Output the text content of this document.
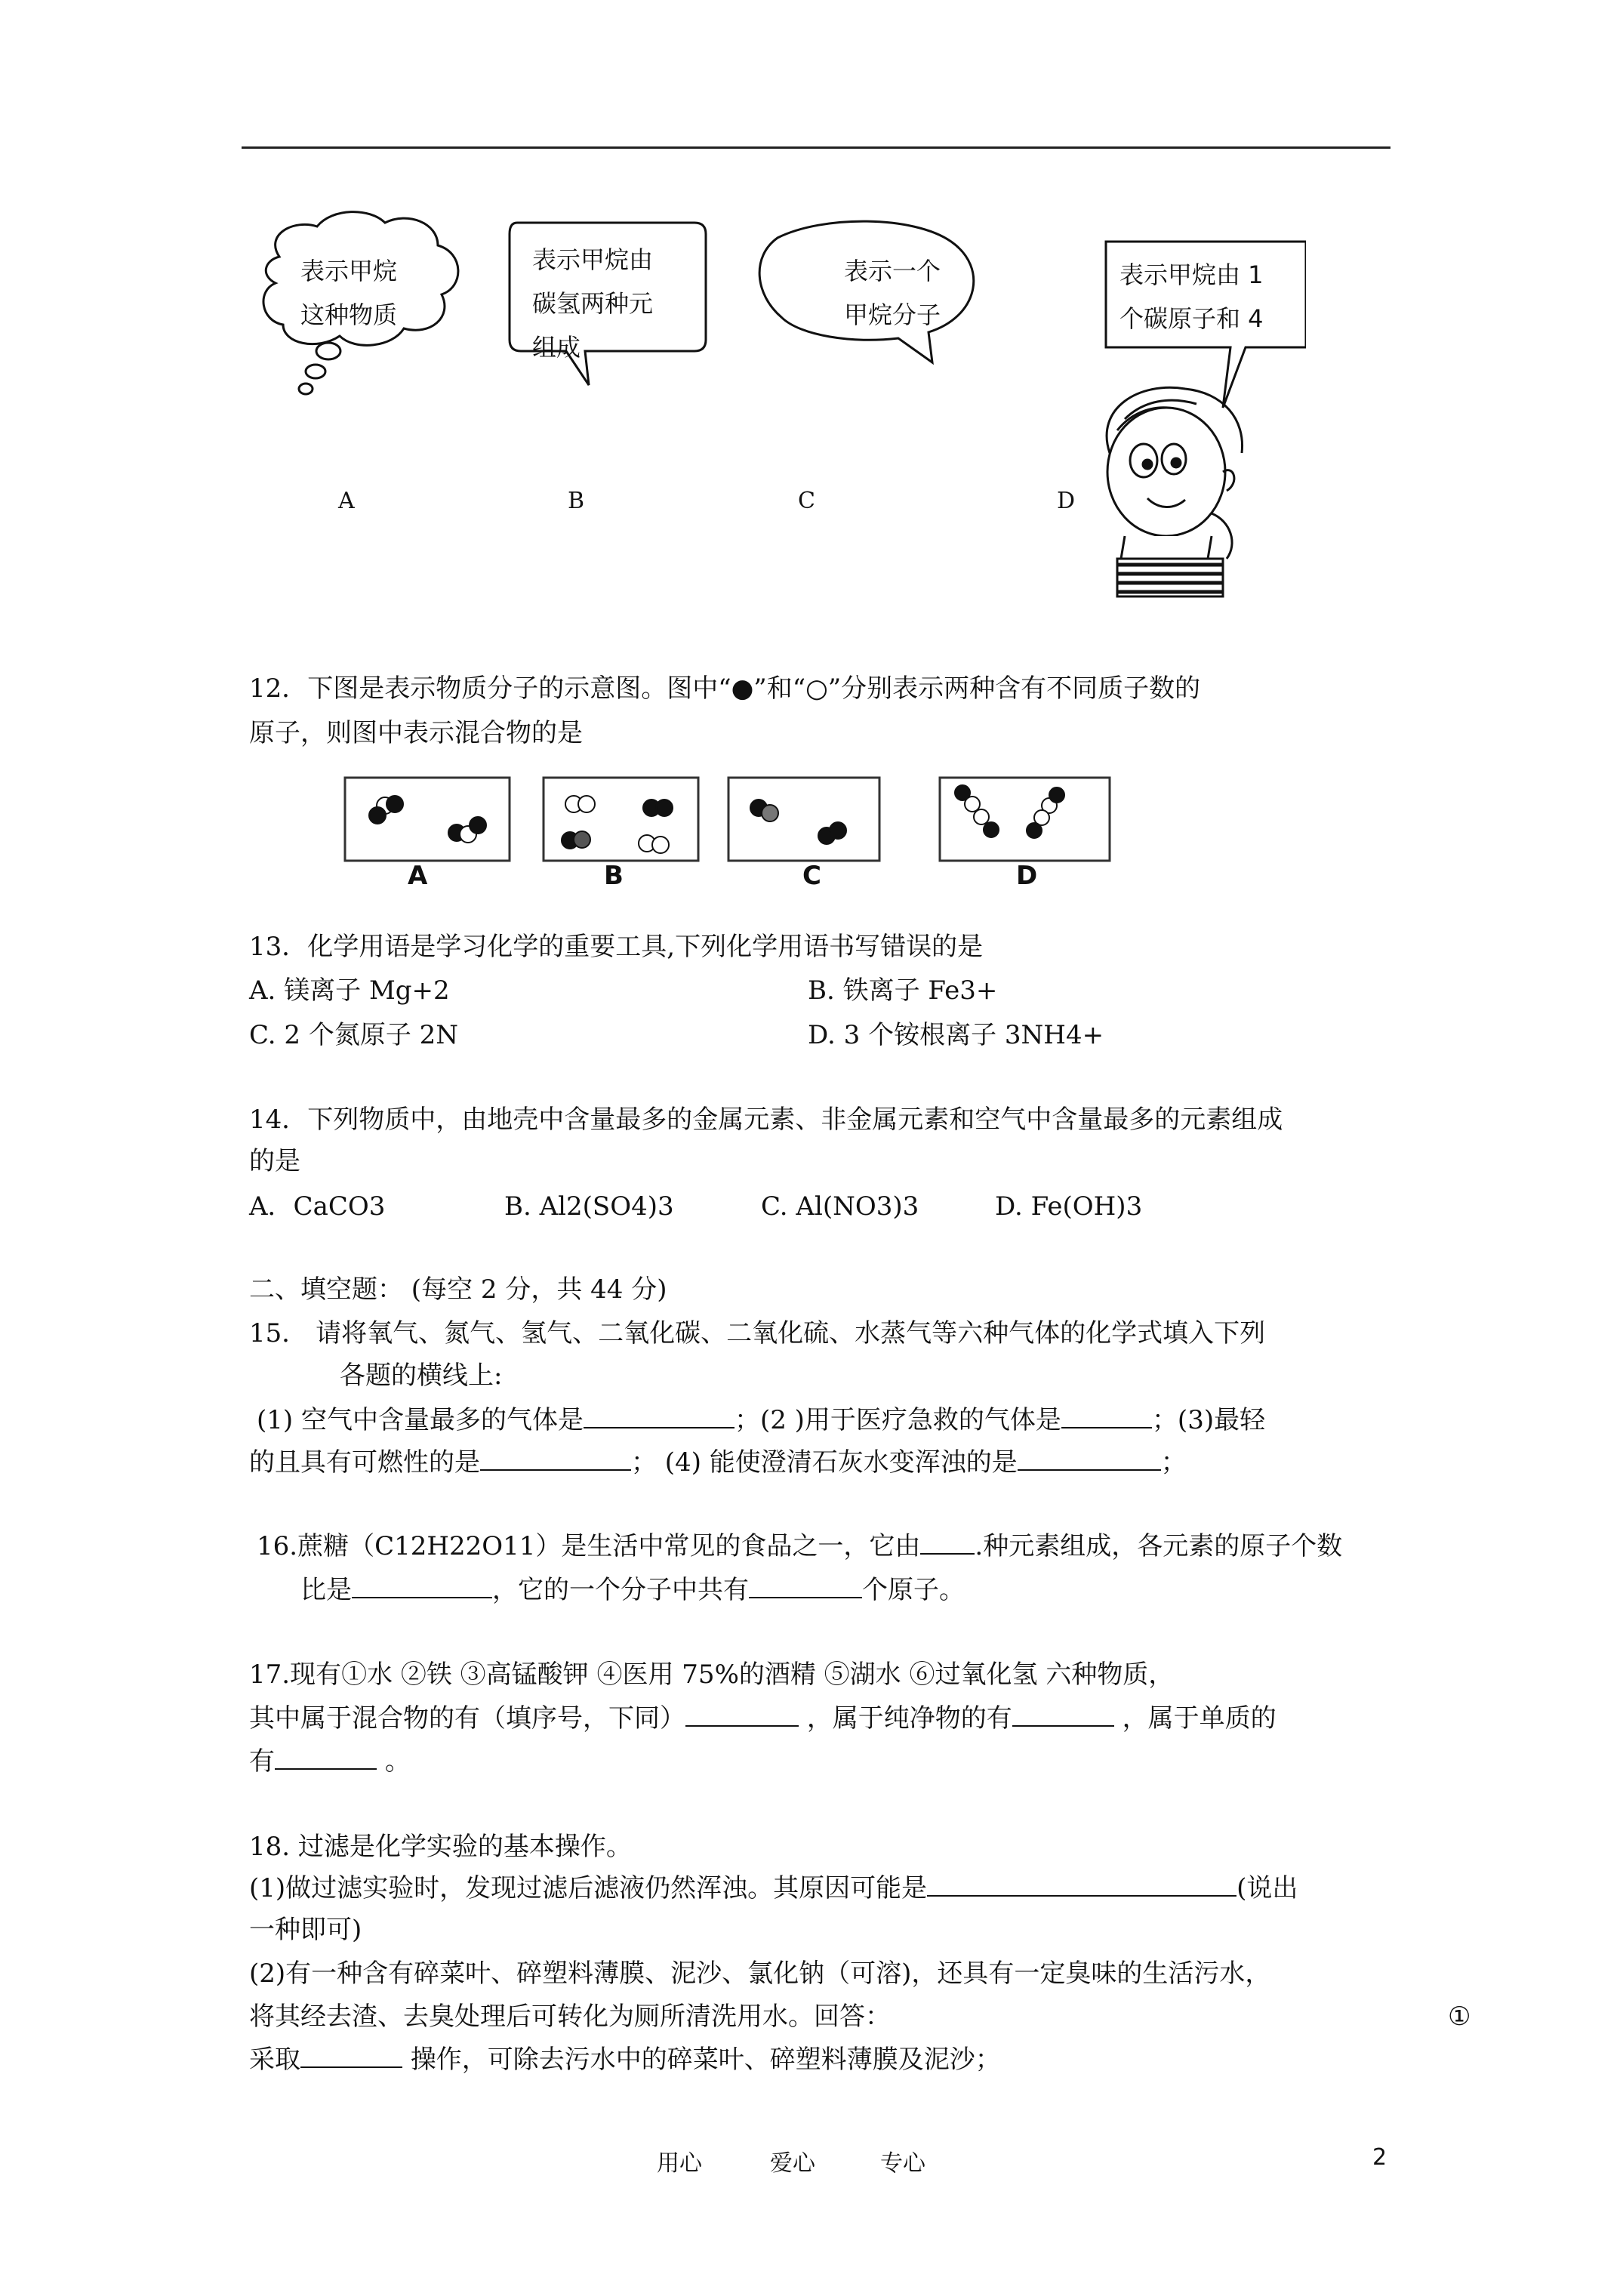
表示甲烷
这种物质
表示甲烷由
碳氢两种元
组成
表示一个
甲烷分子
表示甲烷由 1
个碳原子和 4
A	B	C	D
12．下图是表示物质分子的示意图。图中“●”和“○”分别表示两种含有不同质子数的
原子，则图中表示混合物的是
A	B	C	D
13．化学用语是学习化学的重要工具,下列化学用语书写错误的是
A. 镁离子 Mg+2	B. 铁离子 Fe3+
C. 2 个氮原子 2N	D. 3 个铵根离子 3NH4+
14．下列物质中，由地壳中含量最多的金属元素、非金属元素和空气中含量最多的元素组成
的是
A．CaCO3	B. Al2(SO4)3	C. Al(NO3)3	D. Fe(OH)3
二、填空题： (每空 2 分，共 44 分)
15． 请将氧气、氮气、氢气、二氧化碳、二氧化硫、水蒸气等六种气体的化学式填入下列
各题的横线上:
(1) 空气中含量最多的气体是	；(2 )用于医疗急救的气体是	；(3)最轻
的且具有可燃性的是	； (4) 能使澄清石灰水变浑浊的是	；
16.蔗糖（C12H22O11）是生活中常见的食品之一，它由 .种元素组成，各元素的原子个数
比是	，它的一个分子中共有	个原子。
17.现有①水 ②铁 ③高锰酸钾 ④医用 75%的酒精 ⑤湖水 ⑥过氧化氢 六种物质，
其中属于混合物的有（填序号，下同）	，属于纯净物的有	，属于单质的
有	。
18. 过滤是化学实验的基本操作。
(1)做过滤实验时，发现过滤后滤液仍然浑浊。其原因可能是	(说出
一种即可)
(2)有一种含有碎菜叶、碎塑料薄膜、泥沙、氯化钠（可溶)，还具有一定臭味的生活污水，
将其经去渣、去臭处理后可转化为厕所清洗用水。回答：	①
采取	操作，可除去污水中的碎菜叶、碎塑料薄膜及泥沙；
用心	爱心	专心	2
